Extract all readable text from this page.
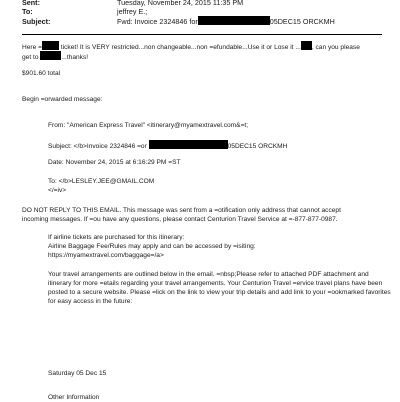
Sent:	Tuesday, November 24, 2015 11:35 PM
To:	jeffrey E.;
Subject:	Fwd: Invoice 2324846 for	05DEC15 ORCKMH
Here =	ticket! It is VERY restricted...non changeable...non =efundable...Use it or Lose it ... , can you please
get to	...thanks!
$901.60 total
Begin =orwarded message:
From: "American Express Travel" <itinerary@myamextravel.com&=t;
Subject: </b>Invoice 2324846 =or	05DEC15 ORCKMH
Date: November 24, 2015 at 6:16:29 PM =ST
To: </b>LESLEY.JEE@GMAIL.COM
</=iv>
DO NOT REPLY TO THIS EMAIL. This message was sent from a =otification only address that cannot accept
incoming messages. If =ou have any questions, please contact Centurion Travel Service at =-877-877-0987.
If airline tickets are purchased for this itinerary:
Airline Baggage Fee/Rules may apply and can be accessed by =isiting:
https://myamextravel.com/baggage=/a>
Your travel arrangements are outlined below in the email. =nbsp;Please refer to attached PDF attachment and
itinerary for more =etails regarding your travel arrangements. Your Centurion Travel =ervice travel plans have been
posted to a secure website. Please =lick on the link to view your trip details and add link to your =ookmarked favorites
for easy access in the future:
Saturday 05 Dec 15
Other Information
